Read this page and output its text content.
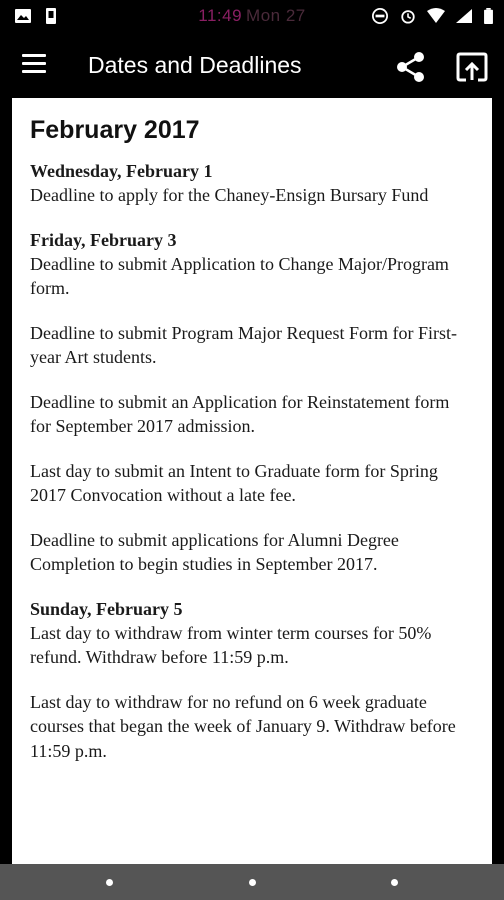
11:49 Mon 27
Dates and Deadlines
February 2017

Wednesday, February 1

Deadline to apply for the Chaney-Ensign Bursary Fund

Friday, February 3

Deadline to submit Application to Change Major/Program form.

Deadline to submit Program Major Request Form for First-year Art students.

Deadline to submit an Application for Reinstatement form for September 2017 admission.

Last day to submit an Intent to Graduate form for Spring 2017 Convocation without a late fee.

Deadline to submit applications for Alumni Degree Completion to begin studies in September 2017.

Sunday, February 5

Last day to withdraw from winter term courses for 50% refund. Withdraw before 11:59 p.m.

Last day to withdraw for no refund on 6 week graduate courses that began the week of January 9. Withdraw before 11:59 p.m.
